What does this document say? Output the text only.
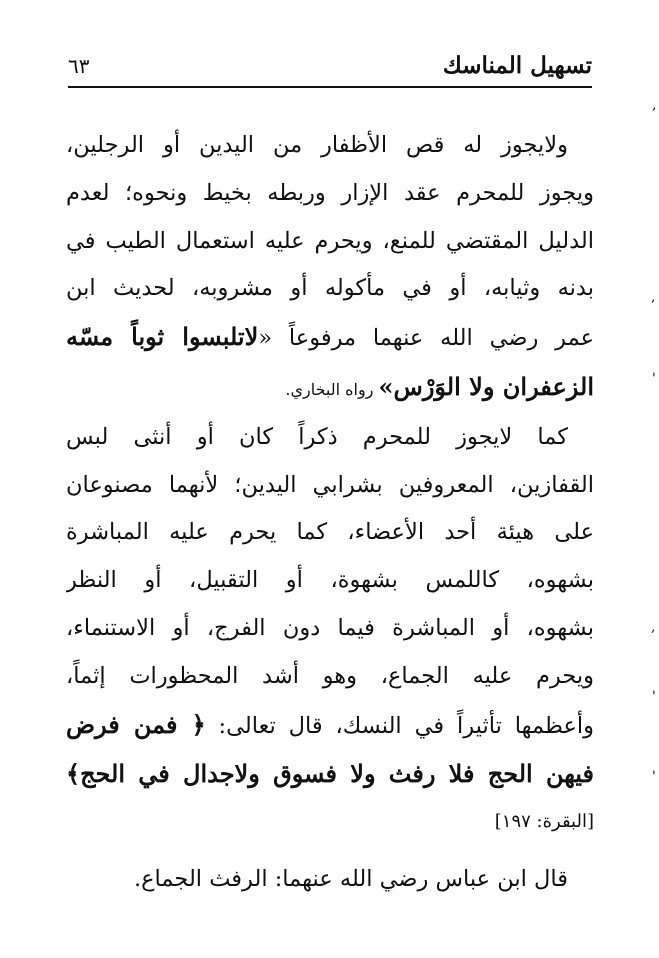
تسهيل المناسك
٦٣
ولايجوز له قص الأظفار من اليدين أو الرجلين،
ويجوز للمحرم عقد الإزار وربطه بخيط ونحوه؛ لعدم
الدليل المقتضي للمنع، ويحرم عليه استعمال الطيب في
بدنه وثيابه، أو في مأكوله أو مشروبه، لحديث ابن
عمر رضي الله عنهما مرفوعاً «لاتلبسوا ثوباً مسّه
الزعفران ولا الوَرْس» رواه البخاري.
كما لايجوز للمحرم ذكراً كان أو أنثى لبس
القفازين، المعروفين بشرابي اليدين؛ لأنهما مصنوعان
على هيئة أحد الأعضاء، كما يحرم عليه المباشرة
بشهوه، كاللمس بشهوة، أو التقبيل، أو النظر
بشهوه، أو المباشرة فيما دون الفرج، أو الاستنماء،
ويحرم عليه الجماع، وهو أشد المحظورات إثماً،
وأعظمها تأثيراً في النسك، قال تعالى: ﴿ فمن فرض
فيهن الحج فلا رفث ولا فسوق ولاجدال في الحج﴾
[البقرة: ١٩٧]
قال ابن عباس رضي الله عنهما: الرفث الجماع.
,
,
'
,
'
'
